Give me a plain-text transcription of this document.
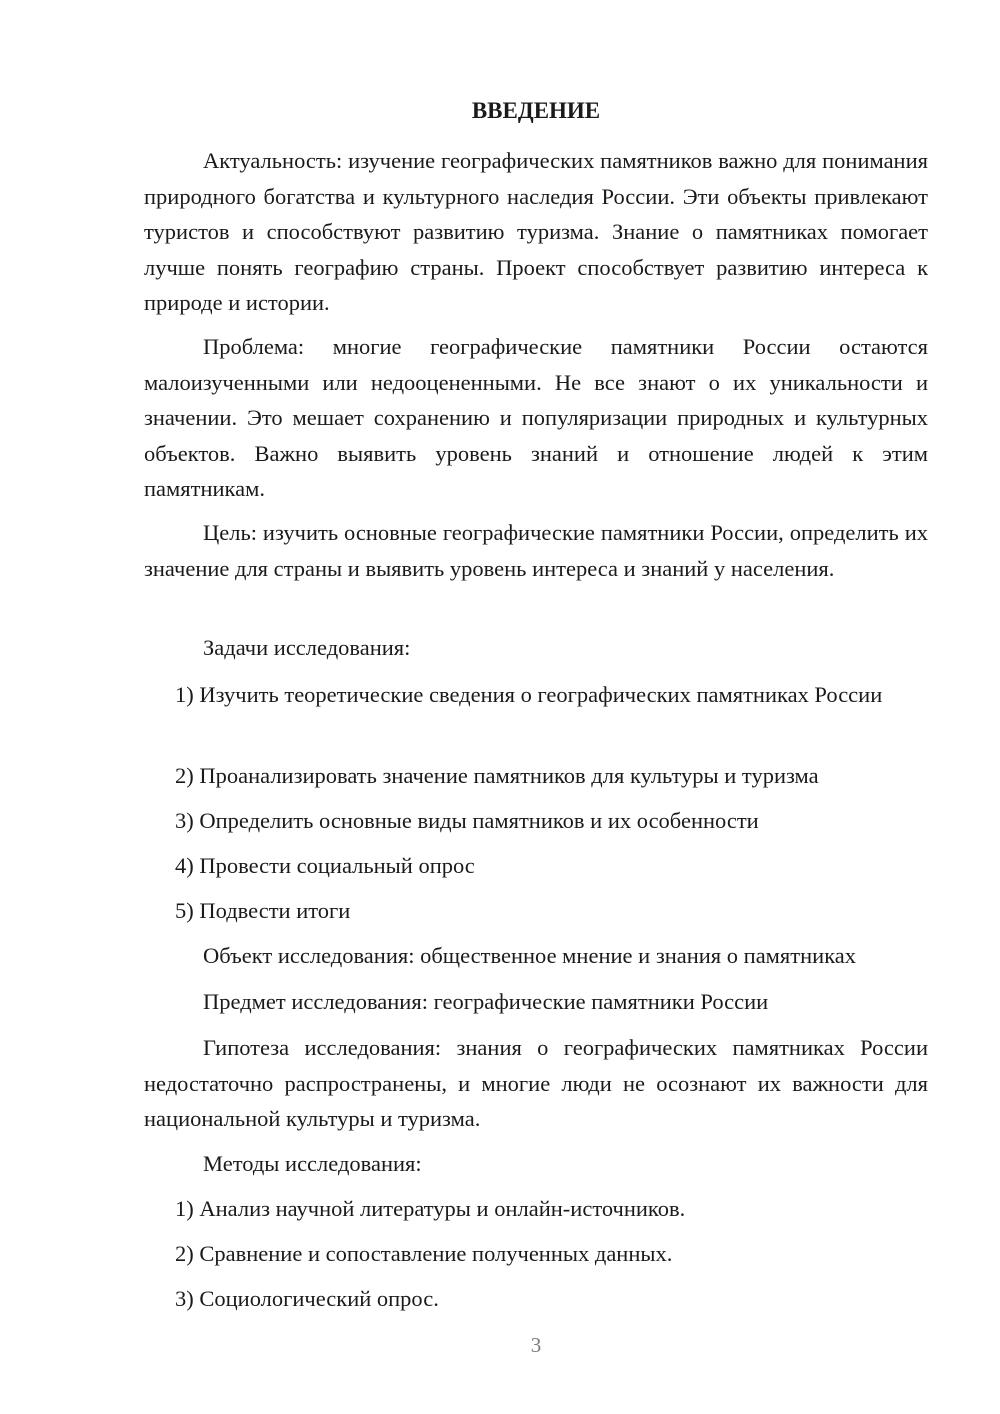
ВВЕДЕНИЕ

Актуальность: изучение географических памятников важно для понимания природного богатства и культурного наследия России. Эти объекты привлекают туристов и способствуют развитию туризма. Знание о памятниках помогает лучше понять географию страны. Проект способствует развитию интереса к природе и истории.

Проблема: многие географические памятники России остаются малоизученными или недооцененными. Не все знают о их уникальности и значении. Это мешает сохранению и популяризации природных и культурных объектов. Важно выявить уровень знаний и отношение людей к этим памятникам.

Цель: изучить основные географические памятники России, определить их значение для страны и выявить уровень интереса и знаний у населения.

Задачи исследования:

1) Изучить теоретические сведения о географических памятниках России

2) Проанализировать значение памятников для культуры и туризма

3) Определить основные виды памятников и их особенности

4) Провести социальный опрос

5) Подвести итоги

Объект исследования: общественное мнение и знания о памятниках

Предмет исследования: географические памятники России

Гипотеза исследования: знания о географических памятниках России недостаточно распространены, и многие люди не осознают их важности для национальной культуры и туризма.

Методы исследования:

1) Анализ научной литературы и онлайн-источников.

2) Сравнение и сопоставление полученных данных.

3) Социологический опрос.

3
